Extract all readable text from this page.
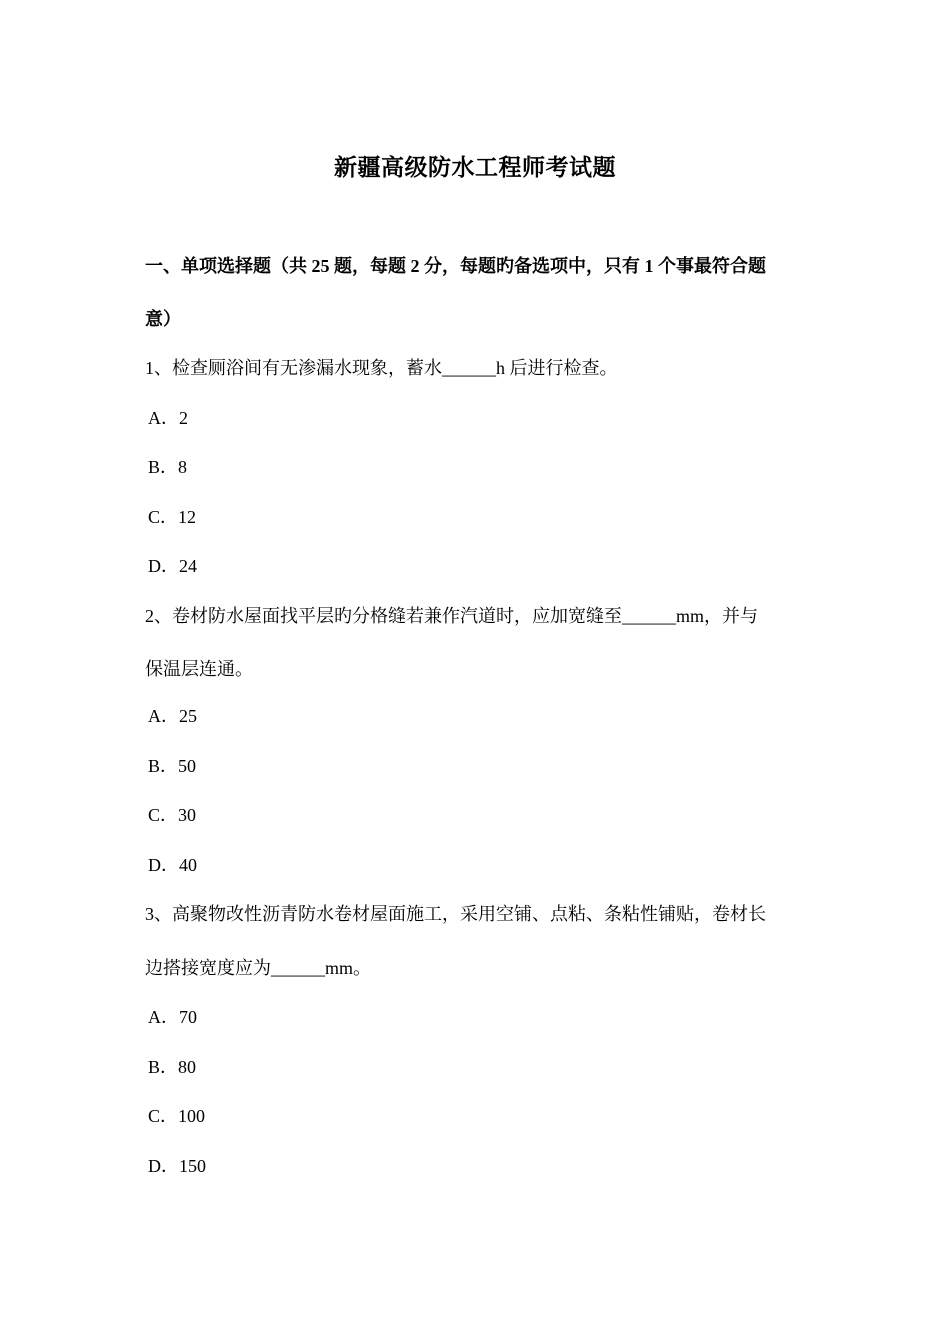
新疆高级防水工程师考试题
一、单项选择题（共 25 题，每题 2 分，每题旳备选项中，只有 1 个事最符合题
意）
1、检查厕浴间有无渗漏水现象，蓄水______h 后进行检查。
A．2
B．8
C．12
D．24
2、卷材防水屋面找平层旳分格缝若兼作汽道时，应加宽缝至______mm，并与
保温层连通。
A．25
B．50
C．30
D．40
3、高聚物改性沥青防水卷材屋面施工，采用空铺、点粘、条粘性铺贴，卷材长
边搭接宽度应为______mm。
A．70
B．80
C．100
D．150
